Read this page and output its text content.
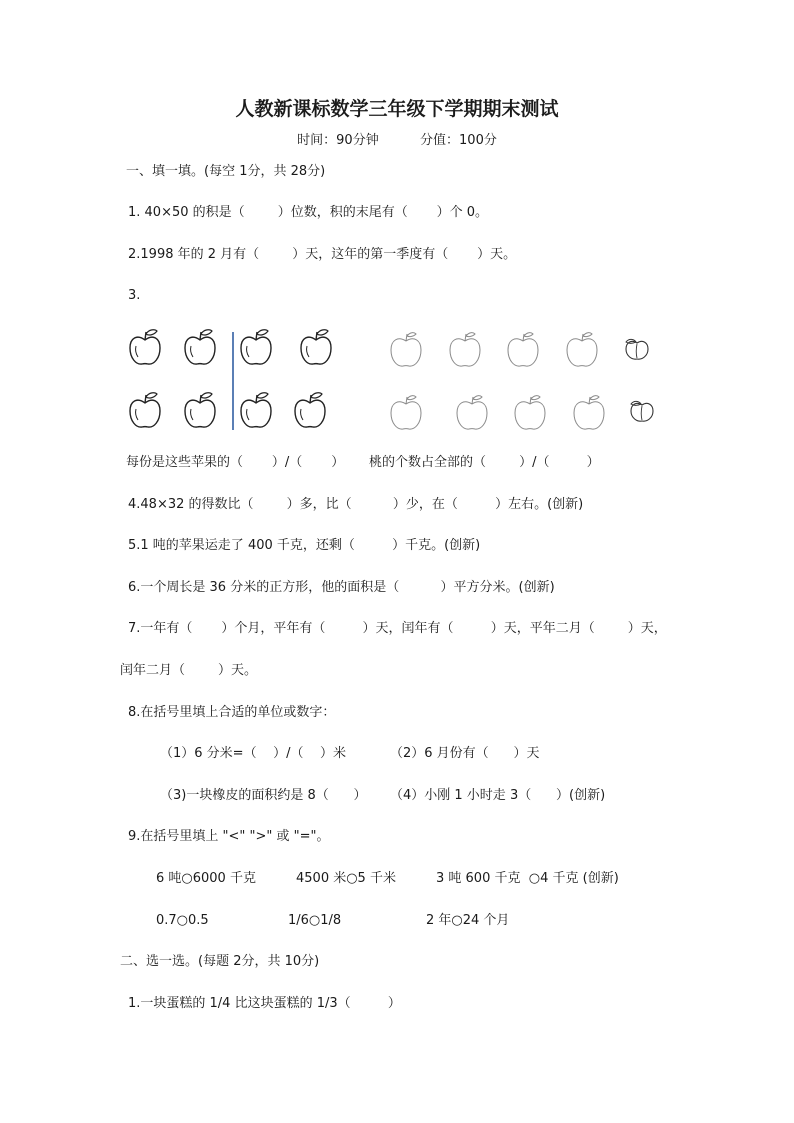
人教新课标数学三年级下学期期末测试
时间：90分钟          分值：100分
一、填一填。(每空 1分，共 28分)
1. 40×50 的积是（        ）位数，积的末尾有（       ）个 0。
2.1998 年的 2 月有（        ）天，这年的第一季度有（       ）天。
3.
每份是这些苹果的（       ）/（       ）      桃的个数占全部的（        ）/（         ）
4.48×32 的得数比（        ）多，比（          ）少，在（         ）左右。(创新)
5.1 吨的苹果运走了 400 千克，还剩（         ）千克。(创新)
6.一个周长是 36 分米的正方形，他的面积是（          ）平方分米。(创新)
7.一年有（       ）个月，平年有（         ）天，闰年有（         ）天，平年二月（        ）天，
闰年二月（        ）天。
8.在括号里填上合适的单位或数字：
（1）6 分米=（    ）/（    ）米	（2）6 月份有（      ）天
（3)一块橡皮的面积约是 8（      ） （4）小刚 1 小时走 3（      ）(创新)
9.在括号里填上 "<" ">" 或 "="。
6 吨○6000 千克	4500 米○5 千米	3 吨 600 千克  ○4 千克 (创新)
0.7○0.5	1/6○1/8	2 年○24 个月
二、选一选。(每题 2分，共 10分)
1.一块蛋糕的 1/4 比这块蛋糕的 1/3（         ）
